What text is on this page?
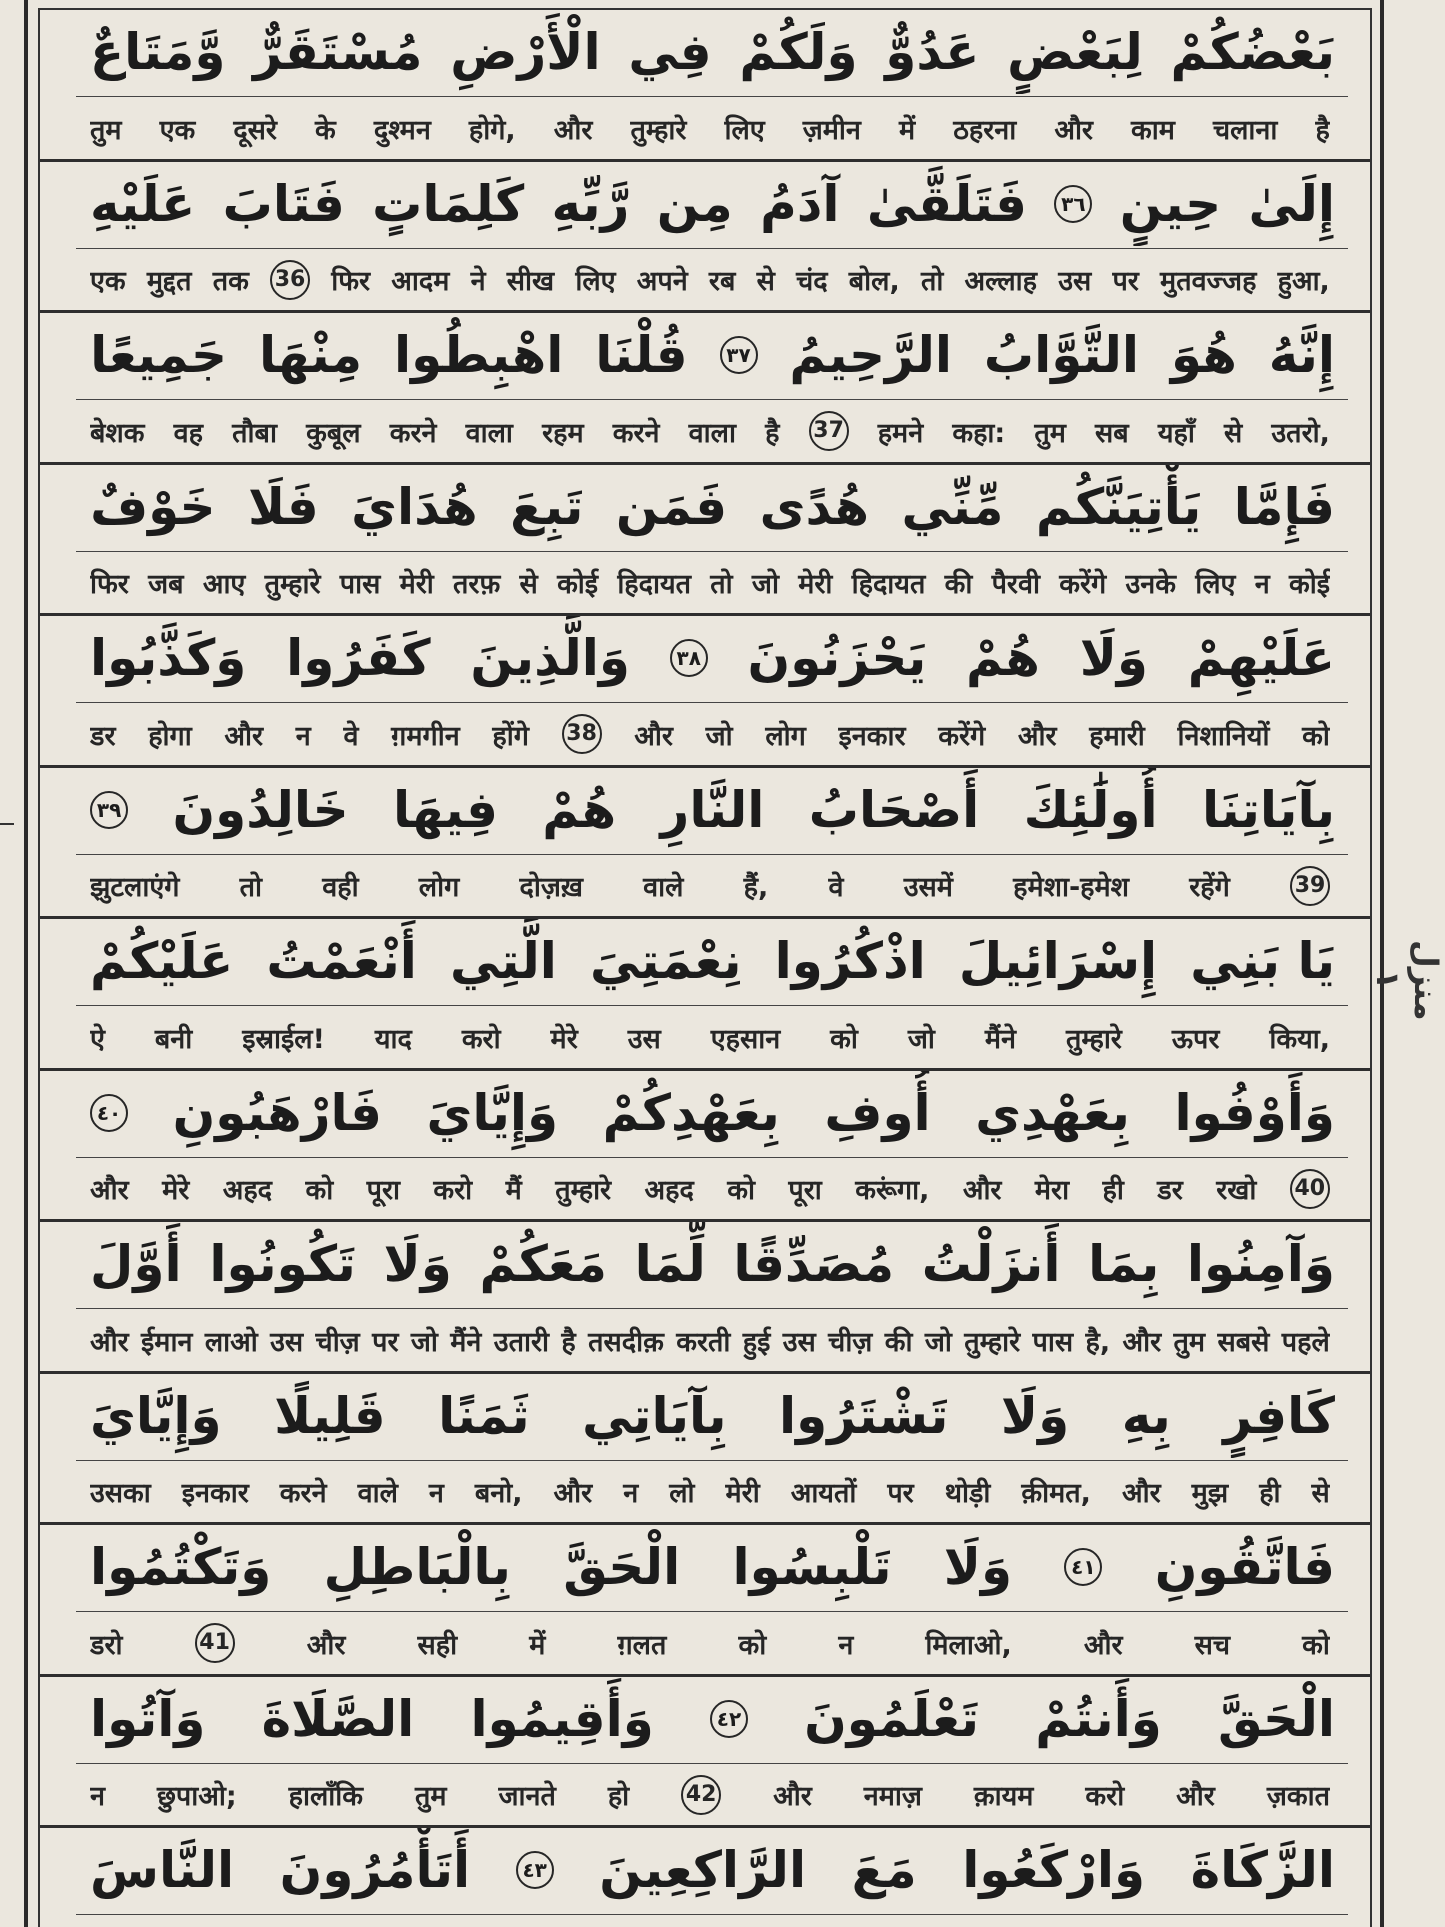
بَعْضُكُمْ
لِبَعْضٍ
عَدُوٌّ
وَلَكُمْ
فِي
الْأَرْضِ
مُسْتَقَرٌّ
وَّمَتَاعٌ
तुम एक दूसरे के दुश्मन होगे, और तुम्हारे लिए ज़मीन में ठहरना और काम चलाना है
إِلَىٰ
حِينٍ
٣٦
فَتَلَقَّىٰ
آدَمُ
مِن
رَّبِّهِ
كَلِمَاتٍ
فَتَابَ
عَلَيْهِ
एक मुद्दत तक 36 फिर आदम ने सीख लिए अपने रब से चंद बोल, तो अल्लाह उस पर मुतवज्जह हुआ,
إِنَّهُ
هُوَ
التَّوَّابُ
الرَّحِيمُ
٣٧
قُلْنَا
اهْبِطُوا
مِنْهَا
جَمِيعًا
बेशक वह तौबा कुबूल करने वाला रहम करने वाला है 37 हमने कहा: तुम सब यहाँ से उतरो,
فَإِمَّا
يَأْتِيَنَّكُم
مِّنِّي
هُدًى
فَمَن
تَبِعَ
هُدَايَ
فَلَا
خَوْفٌ
फिर जब आए तुम्हारे पास मेरी तरफ़ से कोई हिदायत तो जो मेरी हिदायत की पैरवी करेंगे उनके लिए न कोई
عَلَيْهِمْ
وَلَا
هُمْ
يَحْزَنُونَ
٣٨
وَالَّذِينَ
كَفَرُوا
وَكَذَّبُوا
डर होगा और न वे ग़मगीन होंगे 38 और जो लोग इनकार करेंगे और हमारी निशानियों को
بِآيَاتِنَا
أُولَٰئِكَ
أَصْحَابُ
النَّارِ
هُمْ
فِيهَا
خَالِدُونَ
٣٩
झुटलाएंगे तो वही लोग दोज़ख़ वाले हैं, वे उसमें हमेशा-हमेश रहेंगे	39
يَا بَنِي
إِسْرَائِيلَ
اذْكُرُوا
نِعْمَتِيَ
الَّتِي
أَنْعَمْتُ
عَلَيْكُمْ
ऐ बनी इस्राईल! याद करो मेरे उस एहसान को जो मैंने तुम्हारे ऊपर किया,
وَأَوْفُوا
بِعَهْدِي
أُوفِ
بِعَهْدِكُمْ
وَإِيَّايَ
فَارْهَبُونِ
٤٠
और मेरे अहद को पूरा करो मैं तुम्हारे अहद को पूरा करूंगा, और मेरा ही डर रखो 40
وَآمِنُوا
بِمَا
أَنزَلْتُ
مُصَدِّقًا
لِّمَا
مَعَكُمْ
وَلَا
تَكُونُوا
أَوَّلَ
और ईमान लाओ उस चीज़ पर जो मैंने उतारी है तसदीक़ करती हुई उस चीज़ की जो तुम्हारे पास है, और तुम सबसे पहले
كَافِرٍ
بِهِ
وَلَا
تَشْتَرُوا
بِآيَاتِي
ثَمَنًا
قَلِيلًا
وَإِيَّايَ
उसका इनकार करने वाले न बनो, और न लो मेरी आयतों पर थोड़ी क़ीमत, और मुझ ही से
فَاتَّقُونِ
٤١
وَلَا
تَلْبِسُوا
الْحَقَّ
بِالْبَاطِلِ
وَتَكْتُمُوا
डरो	41	और	सही	में	ग़लत	को	न	मिलाओ,	और	सच	को
الْحَقَّ
وَأَنتُمْ
تَعْلَمُونَ
٤٢
وَأَقِيمُوا
الصَّلَاةَ
وَآتُوا
न छुपाओ; हालाँकि तुम जानते हो	42 और नमाज़ क़ायम करो और ज़कात
الزَّكَاةَ
وَارْكَعُوا
مَعَ
الرَّاكِعِينَ
٤٣
أَتَأْمُرُونَ
النَّاسَ
منزل ١
